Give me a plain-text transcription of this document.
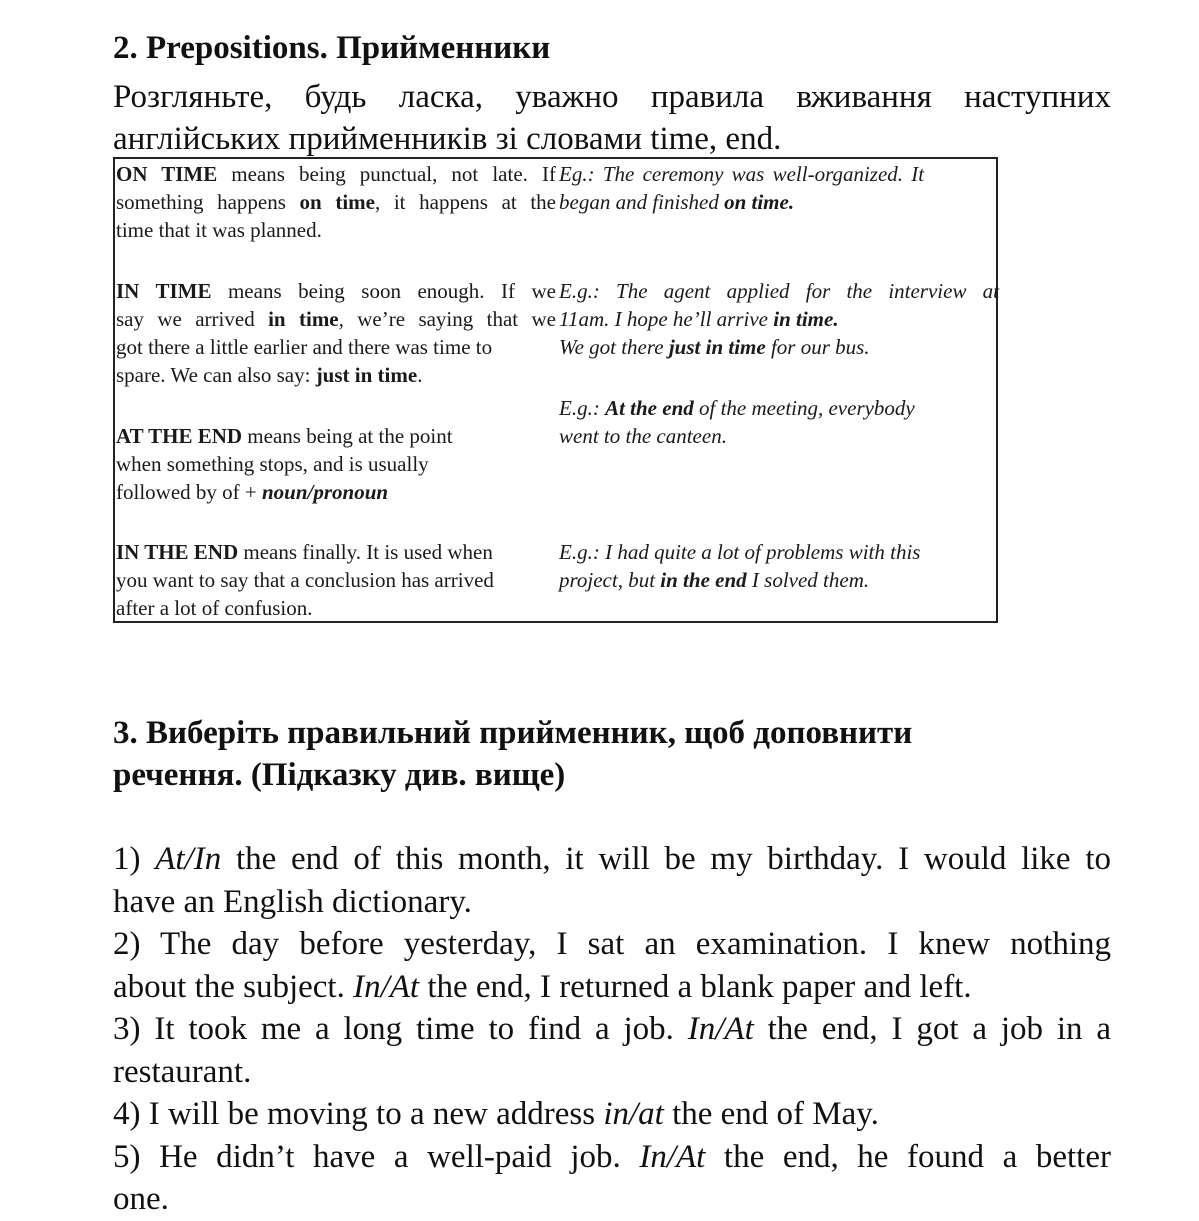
2. Prepositions. Прийменники
Розгляньте, будь ласка, уважно правила вживання наступних
англійських прийменників зі словами time, end.
ON TIME means being punctual, not late. If
something happens on time, it happens at the
time that it was planned.
Eg.: The ceremony was well-organized. It
began and finished on time.
IN TIME means being soon enough. If we
say we arrived in time, we’re saying that we
got there a little earlier and there was time to
spare. We can also say: just in time.
E.g.: The agent applied for the interview at
11am. I hope he’ll arrive in time.
We got there just in time for our bus.
E.g.: At the end of the meeting, everybody
went to the canteen.
AT THE END means being at the point
when something stops, and is usually
followed by of + noun/pronoun
IN THE END means finally. It is used when
you want to say that a conclusion has arrived
after a lot of confusion.
E.g.: I had quite a lot of problems with this
project, but in the end I solved them.
3. Виберіть правильний прийменник, щоб доповнити
речення. (Підказку див. вище)
1) At/In the end of this month, it will be my birthday. I would like to
have an English dictionary.
2) The day before yesterday, I sat an examination. I knew nothing
about the subject. In/At the end, I returned a blank paper and left.
3) It took me a long time to find a job. In/At the end, I got a job in a
restaurant.
4) I will be moving to a new address in/at the end of May.
5) He didn’t have a well-paid job. In/At the end, he found a better
one.
